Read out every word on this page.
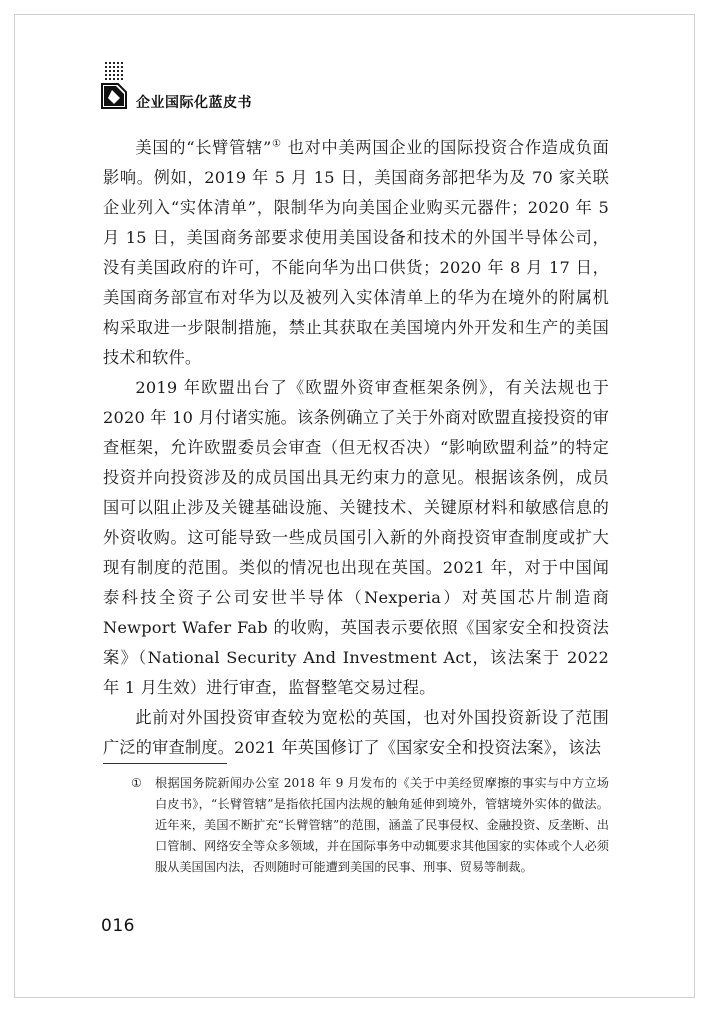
企业国际化蓝皮书

美国的“长臂管辖”① 也对中美两国企业的国际投资合作造成负面影响。例如，2019 年 5 月 15 日，美国商务部把华为及 70 家关联企业列入“实体清单”，限制华为向美国企业购买元器件；2020 年 5 月 15 日，美国商务部要求使用美国设备和技术的外国半导体公司，没有美国政府的许可，不能向华为出口供货；2020 年 8 月 17 日，美国商务部宣布对华为以及被列入实体清单上的华为在境外的附属机构采取进一步限制措施，禁止其获取在美国境内外开发和生产的美国技术和软件。

2019 年欧盟出台了《欧盟外资审查框架条例》，有关法规也于 2020 年 10 月付诸实施。该条例确立了关于外商对欧盟直接投资的审查框架，允许欧盟委员会审查（但无权否决）“影响欧盟利益”的特定投资并向投资涉及的成员国出具无约束力的意见。根据该条例，成员国可以阻止涉及关键基础设施、关键技术、关键原材料和敏感信息的外资收购。这可能导致一些成员国引入新的外商投资审查制度或扩大现有制度的范围。类似的情况也出现在英国。2021 年，对于中国闻泰科技全资子公司安世半导体（Nexperia）对英国芯片制造商 Newport Wafer Fab 的收购，英国表示要依照《国家安全和投资法案》（National Security And Investment Act，该法案于 2022 年 1 月生效）进行审查，监督整笔交易过程。

此前对外国投资审查较为宽松的英国，也对外国投资新设了范围广泛的审查制度。2021 年英国修订了《国家安全和投资法案》，该法

①	根据国务院新闻办公室 2018 年 9 月发布的《关于中美经贸摩擦的事实与中方立场白皮书》，“长臂管辖”是指依托国内法规的触角延伸到境外，管辖境外实体的做法。近年来，美国不断扩充“长臂管辖”的范围，涵盖了民事侵权、金融投资、反垄断、出口管制、网络安全等众多领域，并在国际事务中动辄要求其他国家的实体或个人必须服从美国国内法，否则随时可能遭到美国的民事、刑事、贸易等制裁。
016
